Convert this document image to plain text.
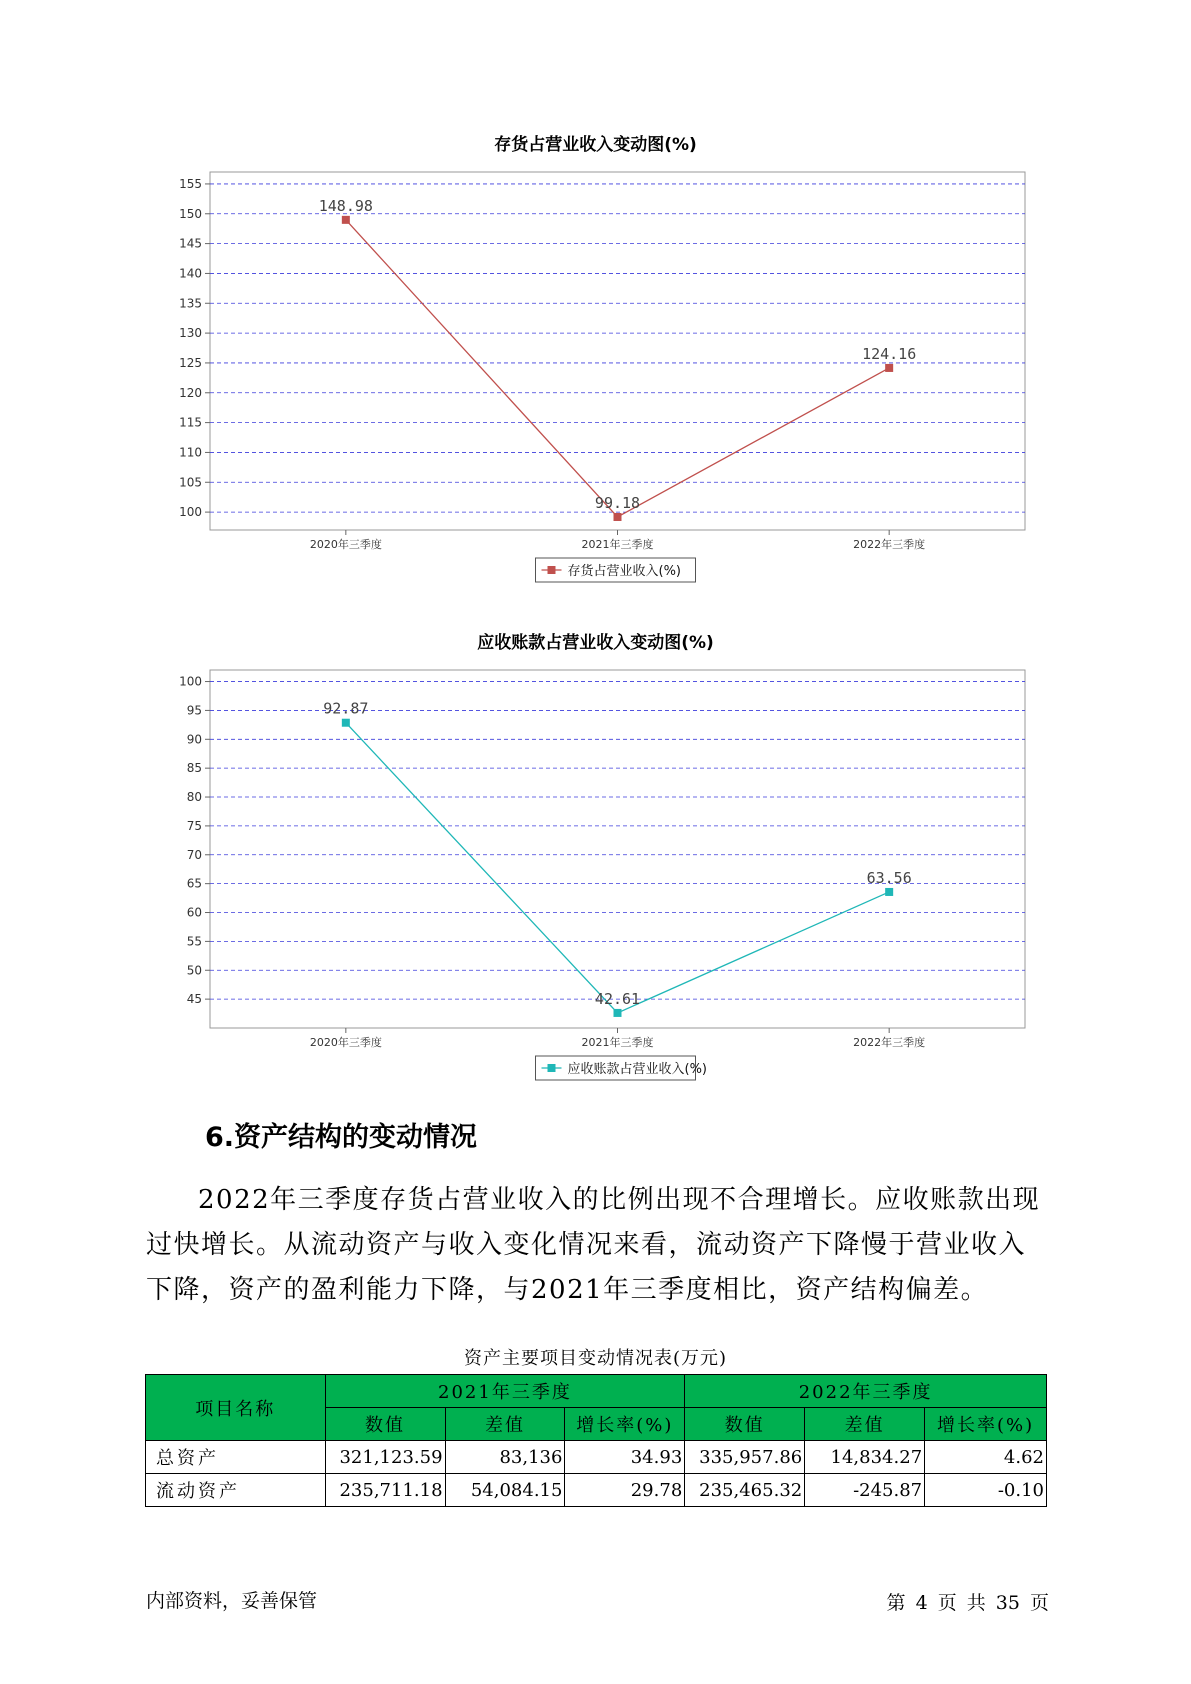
存货占营业收入变动图(%)
100
105
110
115
120
125
130
135
140
145
150
155
2020年三季度	2021年三季度	2022年三季度
148.98
99.18
124.16
存货占营业收入(%)
应收账款占营业收入变动图(%)
45
50
55
60
65
70
75
80
85
90
95
100
2020年三季度	2021年三季度	2022年三季度
92.87
42.61
63.56
应收账款占营业收入(%)
6.资产结构的变动情况
2022年三季度存货占营业收入的比例出现不合理增长。应收账款出现过快增长。从流动资产与收入变化情况来看，流动资产下降慢于营业收入下降，资产的盈利能力下降，与2021年三季度相比，资产结构偏差。
资产主要项目变动情况表(万元)
项目名称	2021年三季度			2022年三季度		
	数值	差值	增长率(%)	数值	差值	增长率(%)
总资产	321,123.59	83,136	34.93	335,957.86	14,834.27	4.62
流动资产	235,711.18	54,084.15	29.78	235,465.32	-245.87	-0.10
内部资料，妥善保管	第 4 页 共 35 页
